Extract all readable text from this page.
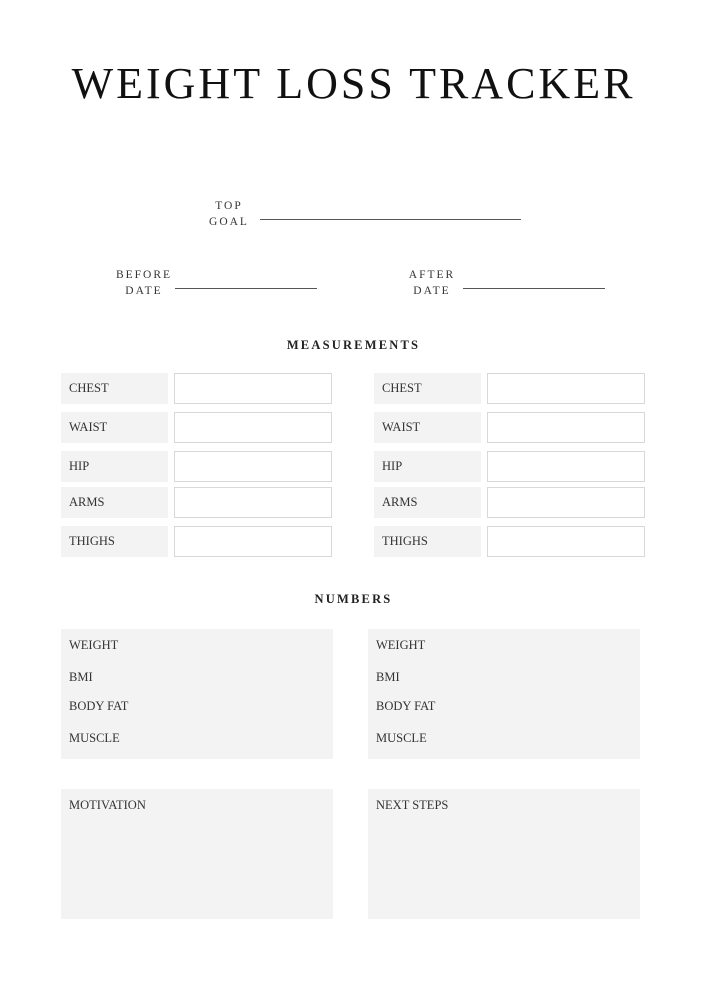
WEIGHT LOSS TRACKER
TOP
GOAL
BEFORE
DATE
AFTER
DATE
MEASUREMENTS
CHEST
WAIST
HIP
ARMS
THIGHS
CHEST
WAIST
HIP
ARMS
THIGHS
NUMBERS
WEIGHT
BMI
BODY FAT
MUSCLE
WEIGHT
BMI
BODY FAT
MUSCLE
MOTIVATION	NEXT STEPS
